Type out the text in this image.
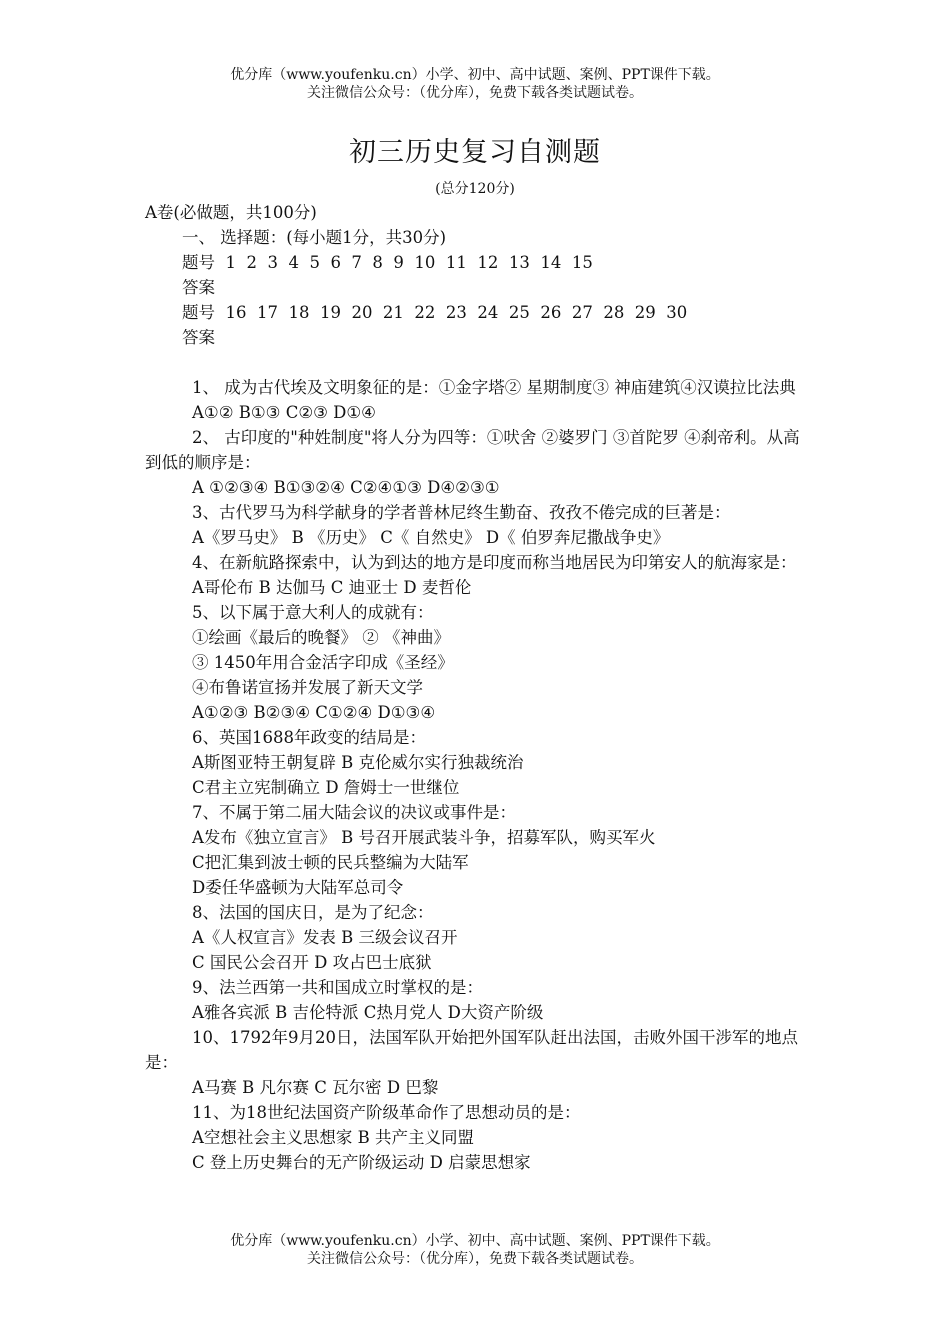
优分库（www.youfenku.cn）小学、初中、高中试题、案例、PPT课件下载。
关注微信公众号：（优分库），免费下载各类试题试卷。
初三历史复习自测题
(总分120分)

A卷(必做题，共100分)

一、 选择题：(每小题1分，共30分)

题号 1  2  3  4  5  6  7  8  9  10  11  12  13  14  15

答案

题号 16  17  18  19  20  21  22  23  24  25  26  27  28  29  30

答案

1、 成为古代埃及文明象征的是：①金字塔② 星期制度③ 神庙建筑④汉谟拉比法典

A①② B①③ C②③ D①④

2、 古印度的"种姓制度"将人分为四等：①吠舍 ②婆罗门 ③首陀罗 ④刹帝利。从高到低的顺序是：

A ①②③④ B①③②④ C②④①③ D④②③①

3、古代罗马为科学献身的学者普林尼终生勤奋、孜孜不倦完成的巨著是：

A《罗马史》 B 《历史》 C《 自然史》 D《 伯罗奔尼撒战争史》

4、在新航路探索中，认为到达的地方是印度而称当地居民为印第安人的航海家是：

A哥伦布 B 达伽马 C 迪亚士 D 麦哲伦

5、以下属于意大利人的成就有：

①绘画《最后的晚餐》 ② 《神曲》

③ 1450年用合金活字印成《圣经》

④布鲁诺宣扬并发展了新天文学

A①②③ B②③④ C①②④ D①③④

6、英国1688年政变的结局是：

A斯图亚特王朝复辟 B 克伦威尔实行独裁统治

C君主立宪制确立 D 詹姆士一世继位

7、不属于第二届大陆会议的决议或事件是：

A发布《独立宣言》 B 号召开展武装斗争，招募军队，购买军火

C把汇集到波士顿的民兵整编为大陆军

D委任华盛顿为大陆军总司令

8、法国的国庆日，是为了纪念：

A《人权宣言》发表 B 三级会议召开

C 国民公会召开 D 攻占巴士底狱

9、法兰西第一共和国成立时掌权的是：

A雅各宾派 B 吉伦特派 C热月党人 D大资产阶级

10、1792年9月20日，法国军队开始把外国军队赶出法国，击败外国干涉军的地点是：

A马赛 B 凡尔赛 C 瓦尔密 D 巴黎

11、为18世纪法国资产阶级革命作了思想动员的是：

A空想社会主义思想家 B 共产主义同盟

C 登上历史舞台的无产阶级运动 D 启蒙思想家

优分库（www.youfenku.cn）小学、初中、高中试题、案例、PPT课件下载。
关注微信公众号：（优分库），免费下载各类试题试卷。
